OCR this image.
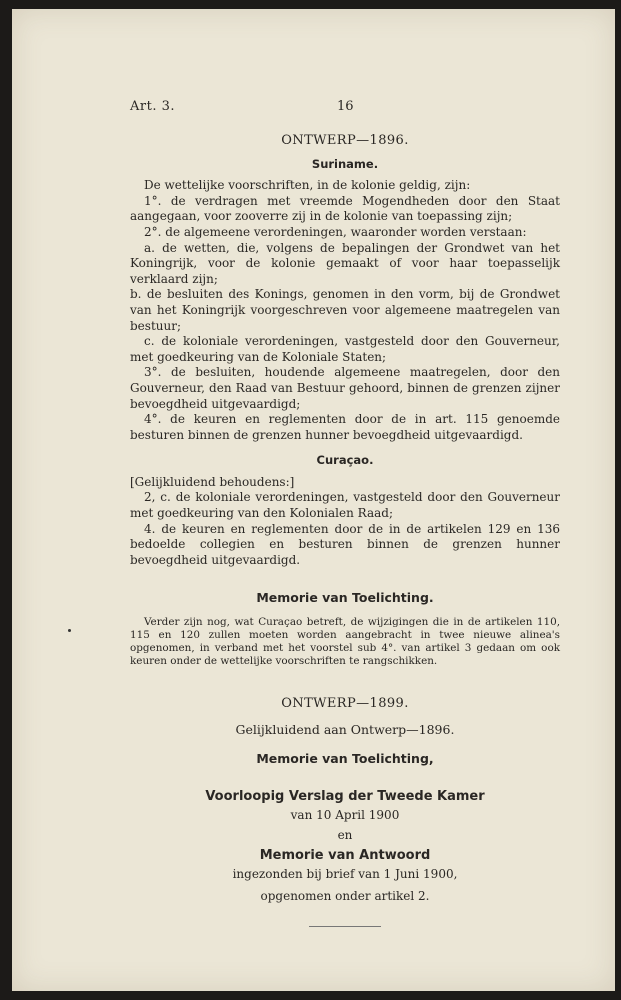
Art. 3.	16
ONTWERP—1896.
Suriname.

De wettelijke voorschriften, in de kolonie geldig, zijn:

1°. de verdragen met vreemde Mogendheden door den Staat aangegaan, voor zooverre zij in de kolonie van toepassing zijn;

2°. de algemeene verordeningen, waaronder worden verstaan:

a. de wetten, die, volgens de bepalingen der Grondwet van het Koningrijk, voor de kolonie gemaakt of voor haar toepasselijk verklaard zijn;

b. de besluiten des Konings, genomen in den vorm, bij de Grondwet van het Koningrijk voorgeschreven voor algemeene maatregelen van bestuur;

c. de koloniale verordeningen, vastgesteld door den Gouverneur, met goedkeuring van de Koloniale Staten;

3°. de besluiten, houdende algemeene maatregelen, door den Gouverneur, den Raad van Bestuur gehoord, binnen de grenzen zijner bevoegdheid uitgevaardigd;

4°. de keuren en reglementen door de in art. 115 genoemde besturen binnen de grenzen hunner bevoegdheid uitgevaardigd.

Curaçao.

[Gelijkluidend behoudens:]

2, c. de koloniale verordeningen, vastgesteld door den Gouverneur met goedkeuring van den Kolonialen Raad;

4. de keuren en reglementen door de in de artikelen 129 en 136 bedoelde collegien en besturen binnen de grenzen hunner bevoegdheid uitgevaardigd.

Memorie van Toelichting.

Verder zijn nog, wat Curaçao betreft, de wijzigingen die in de artikelen 110, 115 en 120 zullen moeten worden aangebracht in twee nieuwe alinea's opgenomen, in verband met het voorstel sub 4°. van artikel 3 gedaan om ook keuren onder de wettelijke voorschriften te rangschikken.

ONTWERP—1899.
Gelijkluidend aan Ontwerp—1896.
Memorie van Toelichting,
Voorloopig Verslag der Tweede Kamer
van 10 April 1900
en
Memorie van Antwoord
ingezonden bij brief van 1 Juni 1900,
opgenomen onder artikel 2.
